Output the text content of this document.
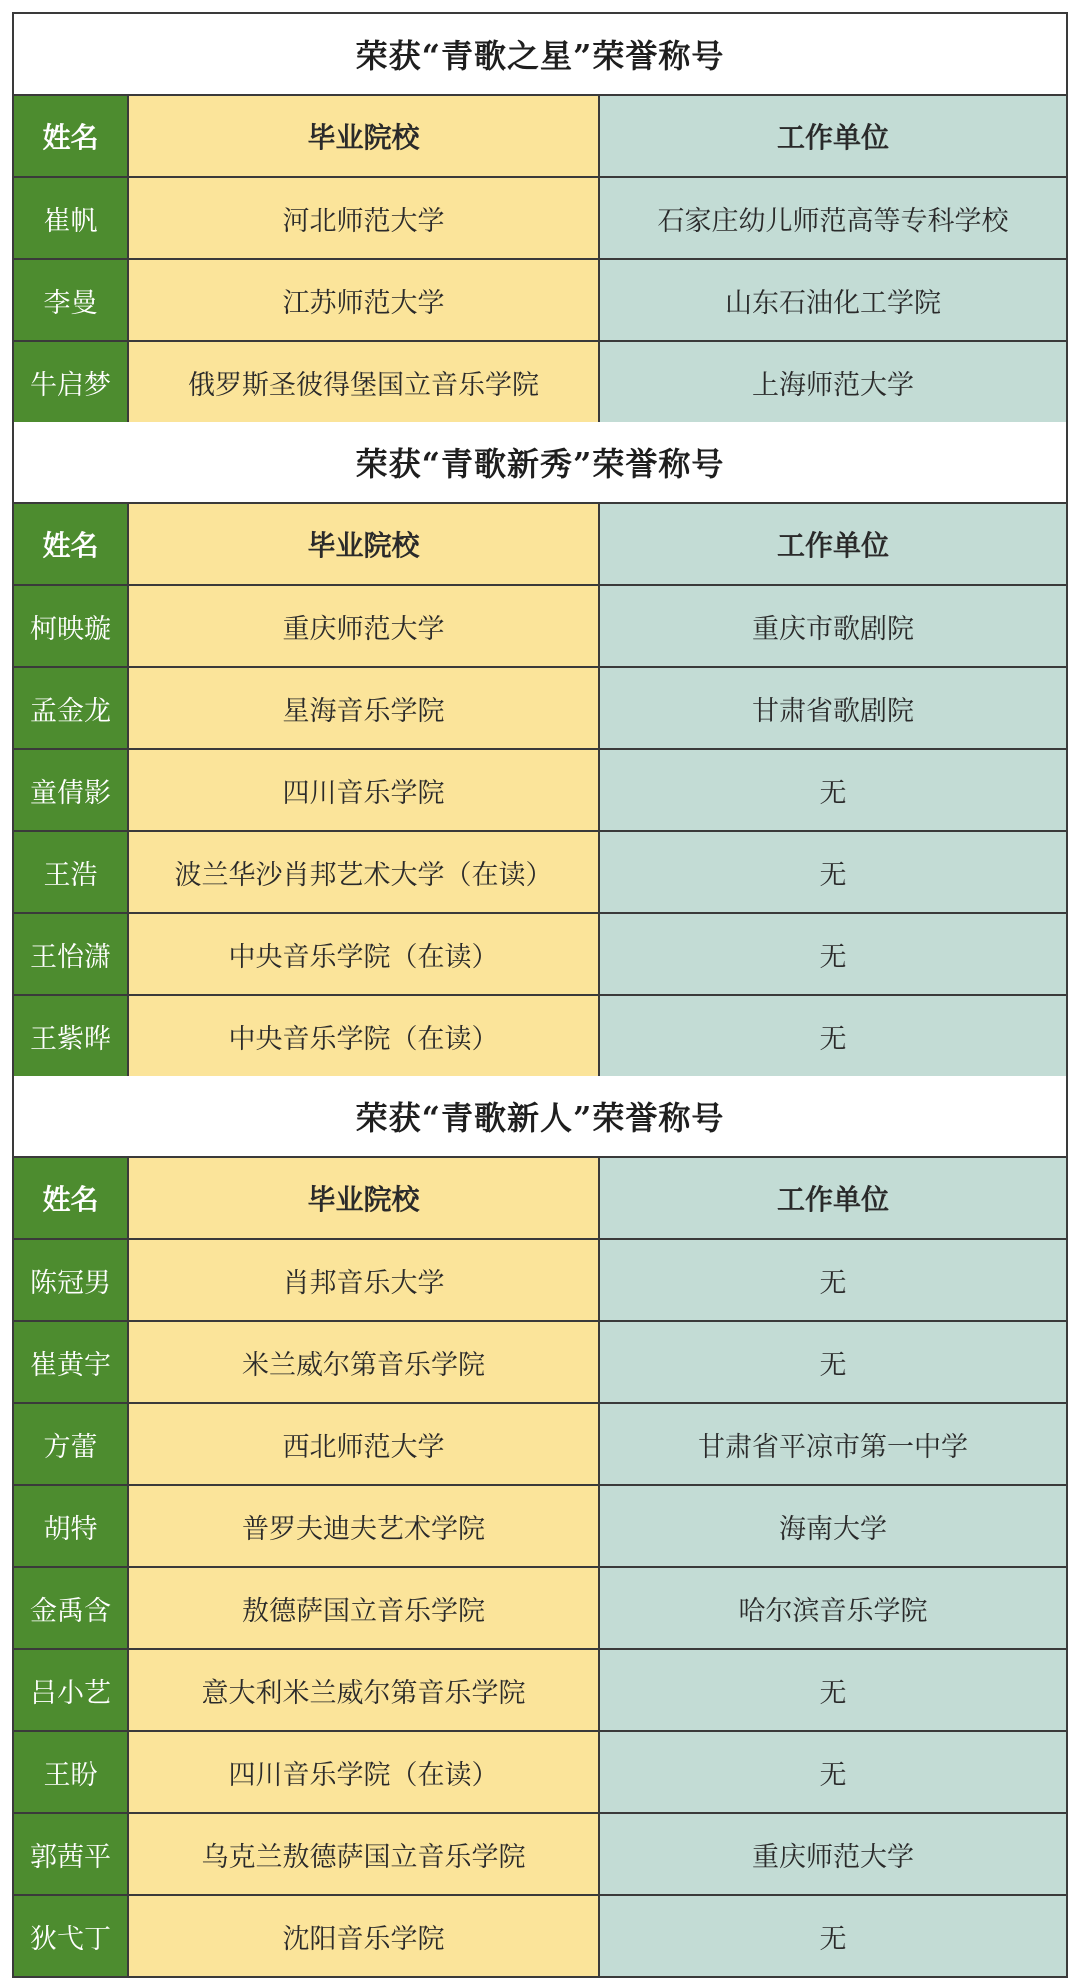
荣获“青歌之星”荣誉称号
姓名	毕业院校	工作单位
崔帆	河北师范大学	石家庄幼儿师范高等专科学校
李曼	江苏师范大学	山东石油化工学院
牛启梦	俄罗斯圣彼得堡国立音乐学院	上海师范大学
荣获“青歌新秀”荣誉称号
姓名	毕业院校	工作单位
柯映璇	重庆师范大学	重庆市歌剧院
孟金龙	星海音乐学院	甘肃省歌剧院
童倩影	四川音乐学院	无
王浩	波兰华沙肖邦艺术大学（在读）	无
王怡潇	中央音乐学院（在读）	无
王紫晔	中央音乐学院（在读）	无
荣获“青歌新人”荣誉称号
姓名	毕业院校	工作单位
陈冠男	肖邦音乐大学	无
崔黄宇	米兰威尔第音乐学院	无
方蕾	西北师范大学	甘肃省平凉市第一中学
胡特	普罗夫迪夫艺术学院	海南大学
金禹含	敖德萨国立音乐学院	哈尔滨音乐学院
吕小艺	意大利米兰威尔第音乐学院	无
王盼	四川音乐学院（在读）	无
郭茜平	乌克兰敖德萨国立音乐学院	重庆师范大学
狄弋丁	沈阳音乐学院	无
